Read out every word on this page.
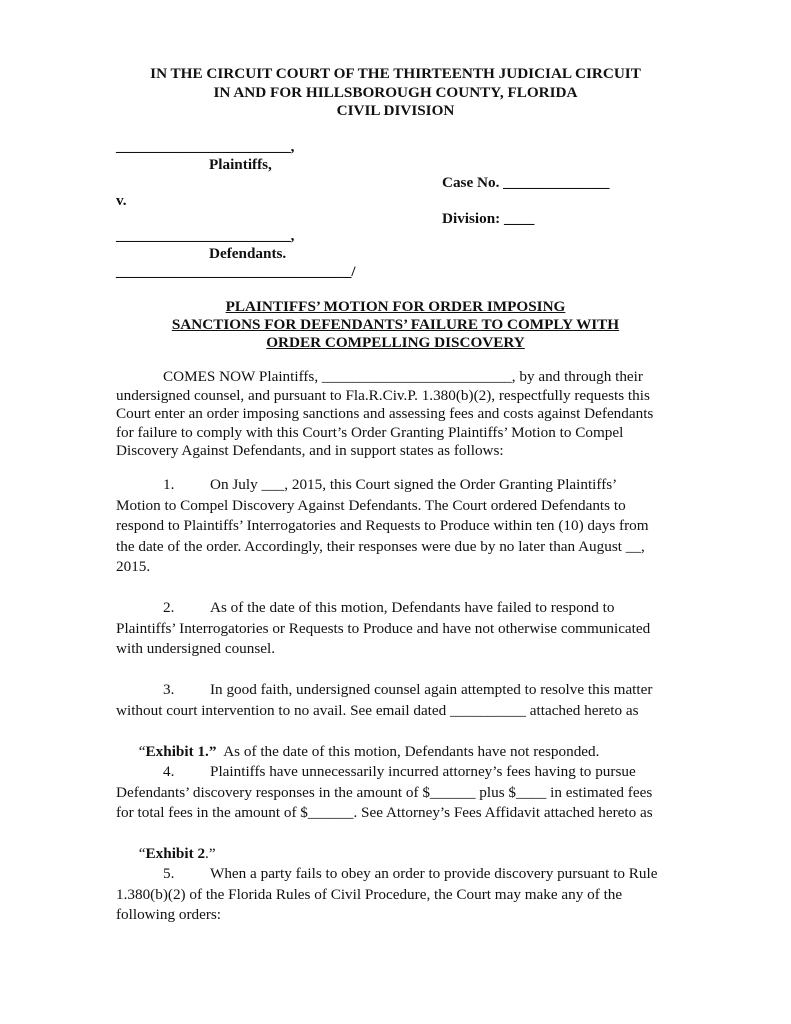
IN THE CIRCUIT COURT OF THE THIRTEENTH JUDICIAL CIRCUIT
IN AND FOR HILLSBOROUGH COUNTY, FLORIDA
CIVIL DIVISION
_______________________,
Plaintiffs,
Case No. ______________
v.
Division: ____
_______________________,
Defendants.
_______________________________/
PLAINTIFFS’ MOTION FOR ORDER IMPOSING
SANCTIONS FOR DEFENDANTS’ FAILURE TO COMPLY WITH
ORDER COMPELLING DISCOVERY
COMES NOW Plaintiffs, _________________________, by and through their
undersigned counsel, and pursuant to Fla.R.Civ.P. 1.380(b)(2), respectfully requests this
Court enter an order imposing sanctions and assessing fees and costs against Defendants
for failure to comply with this Court’s Order Granting Plaintiffs’ Motion to Compel
Discovery Against Defendants, and in support states as follows:
1. On July ___, 2015, this Court signed the Order Granting Plaintiffs’
Motion to Compel Discovery Against Defendants. The Court ordered Defendants to
respond to Plaintiffs’ Interrogatories and Requests to Produce within ten (10) days from
the date of the order. Accordingly, their responses were due by no later than August __,
2015.
2. As of the date of this motion, Defendants have failed to respond to
Plaintiffs’ Interrogatories or Requests to Produce and have not otherwise communicated
with undersigned counsel.
3. In good faith, undersigned counsel again attempted to resolve this matter
without court intervention to no avail. See email dated __________ attached hereto as

“Exhibit 1.”  As of the date of this motion, Defendants have not responded.

4. Plaintiffs have unnecessarily incurred attorney’s fees having to pursue
Defendants’ discovery responses in the amount of $______ plus $____ in estimated fees
for total fees in the amount of $______. See Attorney’s Fees Affidavit attached hereto as

“Exhibit 2.”

5. When a party fails to obey an order to provide discovery pursuant to Rule
1.380(b)(2) of the Florida Rules of Civil Procedure, the Court may make any of the
following orders:
